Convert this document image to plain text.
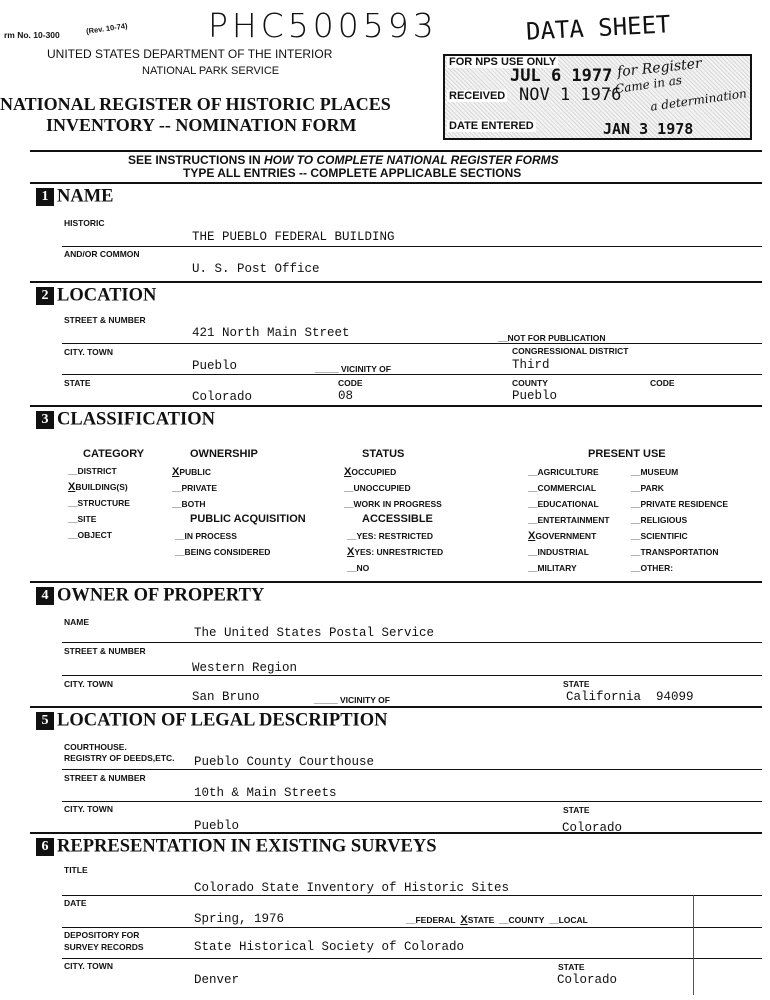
rm No. 10-300	(Rev. 10-74) PHC500593	DATA SHEET
UNITED STATES DEPARTMENT OF THE INTERIOR
NATIONAL PARK SERVICE
NATIONAL REGISTER OF HISTORIC PLACES
INVENTORY -- NOMINATION FORM
FOR NPS USE ONLY
JUL 6 1977 for Register
RECEIVED NOV 1 1976
- Came in as
a determination
DATE ENTERED	JAN 3 1978
SEE INSTRUCTIONS IN HOW TO COMPLETE NATIONAL REGISTER FORMS
TYPE ALL ENTRIES -- COMPLETE APPLICABLE SECTIONS
1 NAME
HISTORIC
THE PUEBLO FEDERAL BUILDING
AND/OR COMMON
U. S. Post Office
2 LOCATION
STREET & NUMBER
421 North Main Street	__NOT FOR PUBLICATION
CITY. TOWN	CONGRESSIONAL DISTRICT
Pueblo	_____ VICINITY OF	Third
STATE	CODE	COUNTY	CODE
Colorado	08	Pueblo
3 CLASSIFICATION
CATEGORY
__DISTRICT
XBUILDING(S)
__STRUCTURE
__SITE
__OBJECT
OWNERSHIP
XPUBLIC
__PRIVATE
__BOTH
PUBLIC ACQUISITION
__IN PROCESS
__BEING CONSIDERED
STATUS
XOCCUPIED
__UNOCCUPIED
__WORK IN PROGRESS
ACCESSIBLE
__YES: RESTRICTED
XYES: UNRESTRICTED
__NO
PRESENT USE
__AGRICULTURE
__COMMERCIAL
__EDUCATIONAL
__ENTERTAINMENT
XGOVERNMENT
__INDUSTRIAL
__MILITARY
__MUSEUM
__PARK
__PRIVATE RESIDENCE
__RELIGIOUS
__SCIENTIFIC
__TRANSPORTATION
__OTHER:
4 OWNER OF PROPERTY
NAME
The United States Postal Service
STREET & NUMBER
Western Region
CITY. TOWN	STATE
San Bruno	_____ VICINITY OF	California  94099
5 LOCATION OF LEGAL DESCRIPTION
COURTHOUSE.
REGISTRY OF DEEDS,ETC. Pueblo County Courthouse
STREET & NUMBER
10th & Main Streets
CITY. TOWN	STATE
Pueblo	Colorado
6 REPRESENTATION IN EXISTING SURVEYS
TITLE
Colorado State Inventory of Historic Sites
DATE
Spring, 1976	__FEDERAL XSTATE  __COUNTY  __LOCAL
DEPOSITORY FOR
SURVEY RECORDS	State Historical Society of Colorado
CITY. TOWN	STATE
Denver	Colorado
